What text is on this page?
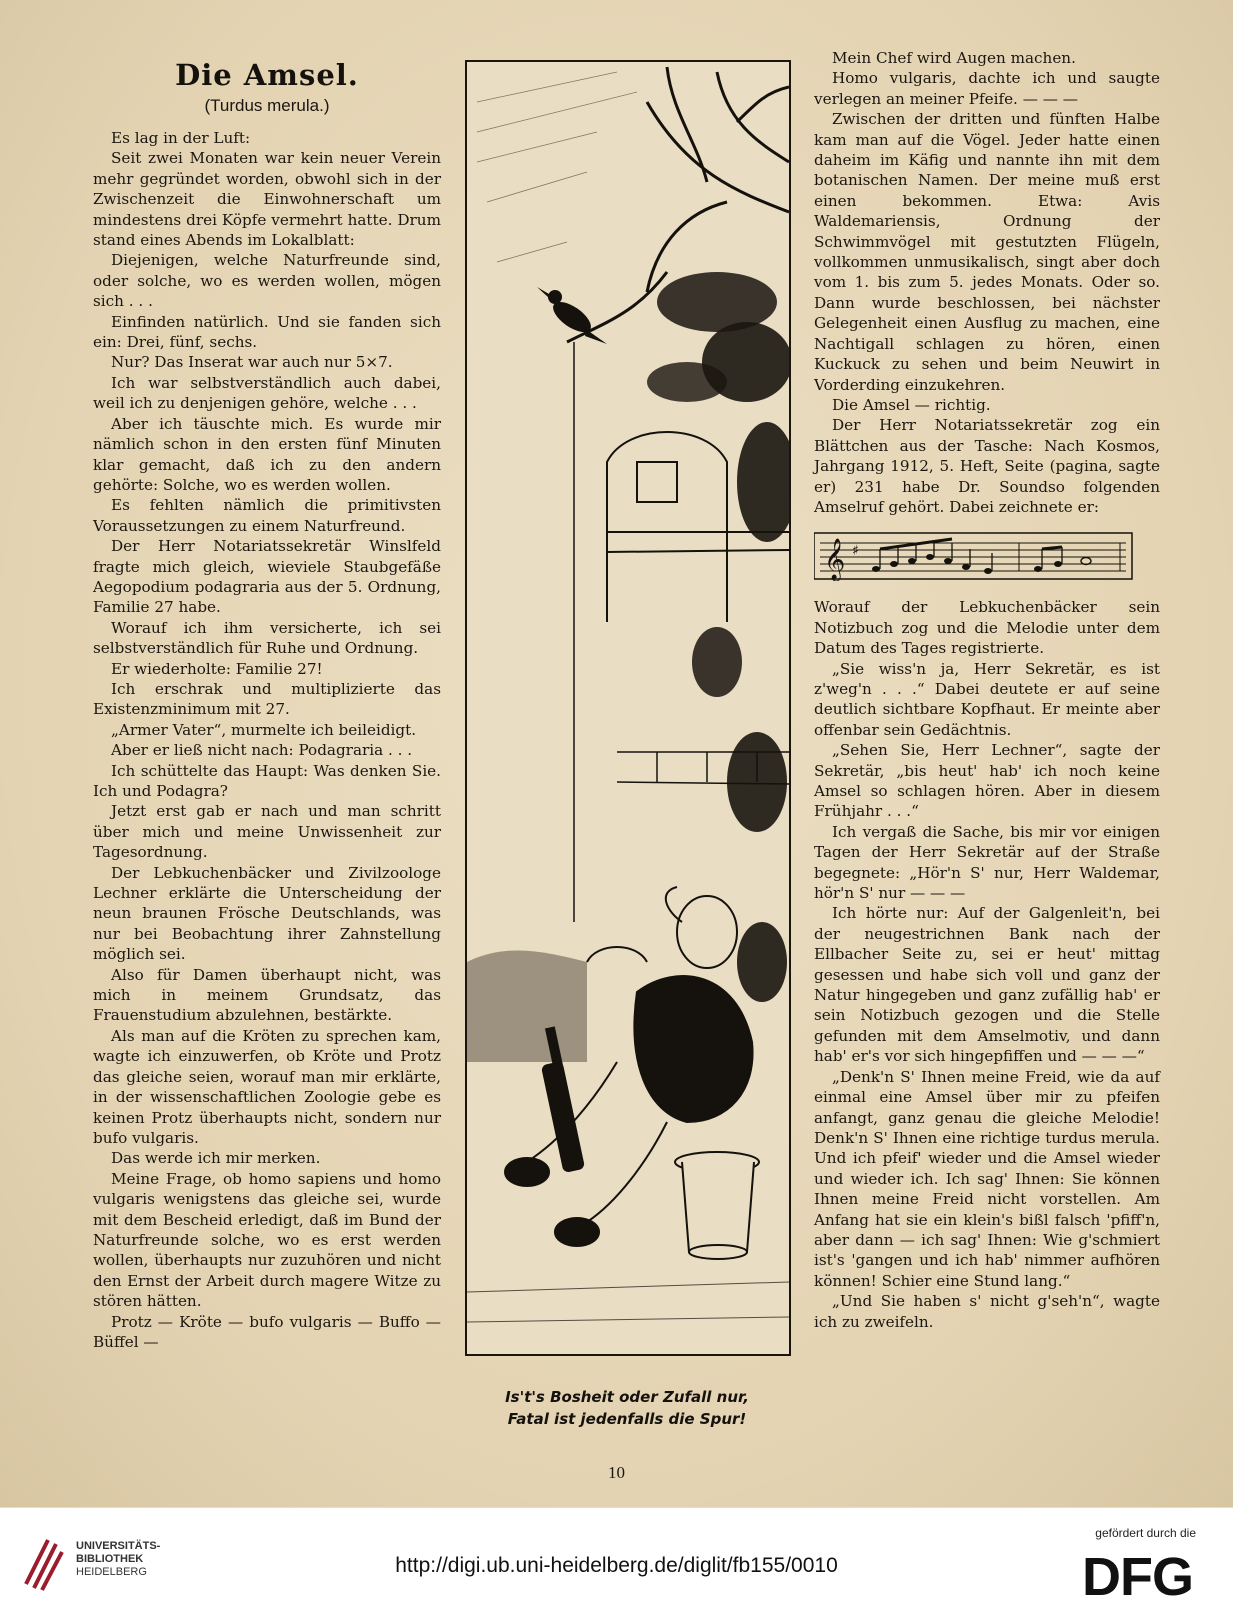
Die Amsel.
(Turdus merula.)

Es lag in der Luft:

Seit zwei Monaten war kein neuer Verein mehr gegründet worden, obwohl sich in der Zwischenzeit die Einwohnerschaft um mindestens drei Köpfe vermehrt hatte. Drum stand eines Abends im Lokalblatt:

Diejenigen, welche Naturfreunde sind, oder solche, wo es werden wollen, mögen sich . . .

Einfinden natürlich. Und sie fanden sich ein: Drei, fünf, sechs.

Nur? Das Inserat war auch nur 5×7.

Ich war selbstverständlich auch dabei, weil ich zu denjenigen gehöre, welche . . .

Aber ich täuschte mich. Es wurde mir nämlich schon in den ersten fünf Minuten klar gemacht, daß ich zu den andern gehörte: Solche, wo es werden wollen.

Es fehlten nämlich die primitivsten Voraussetzungen zu einem Naturfreund.

Der Herr Notariatssekretär Winslfeld fragte mich gleich, wieviele Staubgefäße Aegopodium podagraria aus der 5. Ordnung, Familie 27 habe.

Worauf ich ihm versicherte, ich sei selbstverständlich für Ruhe und Ordnung.

Er wiederholte: Familie 27!

Ich erschrak und multiplizierte das Existenzminimum mit 27.

„Armer Vater“, murmelte ich beileidigt.

Aber er ließ nicht nach: Podagraria . . .

Ich schüttelte das Haupt: Was denken Sie. Ich und Podagra?

Jetzt erst gab er nach und man schritt über mich und meine Unwissenheit zur Tagesordnung.

Der Lebkuchenbäcker und Zivilzoologe Lechner erklärte die Unterscheidung der neun braunen Frösche Deutschlands, was nur bei Beobachtung ihrer Zahnstellung möglich sei.

Also für Damen überhaupt nicht, was mich in meinem Grundsatz, das Frauenstudium abzulehnen, bestärkte.

Als man auf die Kröten zu sprechen kam, wagte ich einzuwerfen, ob Kröte und Protz das gleiche seien, worauf man mir erklärte, in der wissenschaftlichen Zoologie gebe es keinen Protz überhaupts nicht, sondern nur bufo vulgaris.

Das werde ich mir merken.

Meine Frage, ob homo sapiens und homo vulgaris wenigstens das gleiche sei, wurde mit dem Bescheid erledigt, daß im Bund der Naturfreunde solche, wo es erst werden wollen, überhaupts nur zuzuhören und nicht den Ernst der Arbeit durch magere Witze zu stören hätten.

Protz — Kröte — bufo vulgaris — Buffo — Büffel —

Is't's Bosheit oder Zufall nur,
Fatal ist jedenfalls die Spur!

Mein Chef wird Augen machen.

Homo vulgaris, dachte ich und saugte verlegen an meiner Pfeife. — — —

Zwischen der dritten und fünften Halbe kam man auf die Vögel. Jeder hatte einen daheim im Käfig und nannte ihn mit dem botanischen Namen. Der meine muß erst einen bekommen. Etwa: Avis Waldemariensis, Ordnung der Schwimmvögel mit gestutzten Flügeln, vollkommen unmusikalisch, singt aber doch vom 1. bis zum 5. jedes Monats. Oder so. Dann wurde beschlossen, bei nächster Gelegenheit einen Ausflug zu machen, eine Nachtigall schlagen zu hören, einen Kuckuck zu sehen und beim Neuwirt in Vorderding einzukehren.

Die Amsel — richtig.

Der Herr Notariatssekretär zog ein Blättchen aus der Tasche: Nach Kosmos, Jahrgang 1912, 5. Heft, Seite (pagina, sagte er) 231 habe Dr. Soundso folgenden Amselruf gehört. Dabei zeichnete er:

𝄞 ♯

Worauf der Lebkuchenbäcker sein Notizbuch zog und die Melodie unter dem Datum des Tages registrierte.

„Sie wiss'n ja, Herr Sekretär, es ist z'weg'n . . .“ Dabei deutete er auf seine deutlich sichtbare Kopfhaut. Er meinte aber offenbar sein Gedächtnis.

„Sehen Sie, Herr Lechner“, sagte der Sekretär, „bis heut' hab' ich noch keine Amsel so schlagen hören. Aber in diesem Frühjahr . . .“

Ich vergaß die Sache, bis mir vor einigen Tagen der Herr Sekretär auf der Straße begegnete: „Hör'n S' nur, Herr Waldemar, hör'n S' nur — — —

Ich hörte nur: Auf der Galgenleit'n, bei der neugestrichnen Bank nach der Ellbacher Seite zu, sei er heut' mittag gesessen und habe sich voll und ganz der Natur hingegeben und ganz zufällig hab' er sein Notizbuch gezogen und die Stelle gefunden mit dem Amselmotiv, und dann hab' er's vor sich hingepfiffen und — — —“

„Denk'n S' Ihnen meine Freid, wie da auf einmal eine Amsel über mir zu pfeifen anfangt, ganz genau die gleiche Melodie! Denk'n S' Ihnen eine richtige turdus merula. Und ich pfeif' wieder und die Amsel wieder und wieder ich. Ich sag' Ihnen: Sie können Ihnen meine Freid nicht vorstellen. Am Anfang hat sie ein klein's bißl falsch 'pfiff'n, aber dann — ich sag' Ihnen: Wie g'schmiert ist's 'gangen und ich hab' nimmer aufhören können! Schier eine Stund lang.“

„Und Sie haben s' nicht g'seh'n“, wagte ich zu zweifeln.

10
UNIVERSITÄTS-
BIBLIOTHEK
HEIDELBERG	http://digi.ub.uni-heidelberg.de/diglit/fb155/0010
gefördert durch die
DFG
